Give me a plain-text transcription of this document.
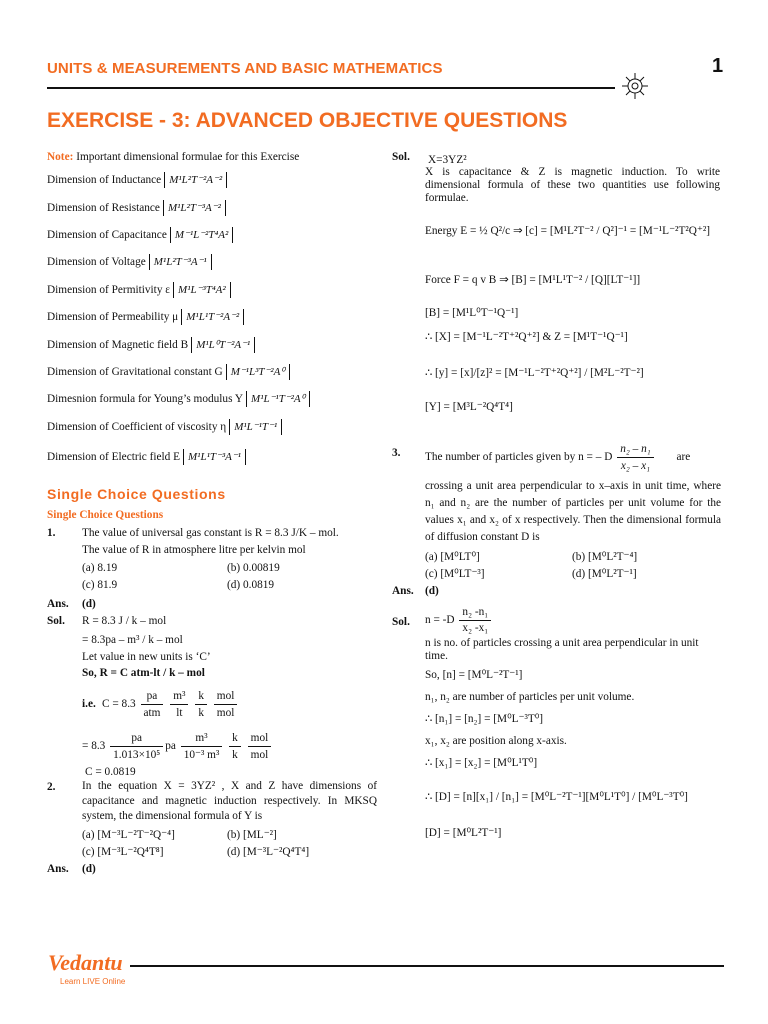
UNITS & MEASUREMENTS AND BASIC MATHEMATICS	1
EXERCISE - 3: ADVANCED OBJECTIVE QUESTIONS
Note: Important dimensional formulae for this Exercise
Dimension of Inductance M¹L²T⁻²A⁻²
Dimension of Resistance M¹L²T⁻³A⁻²
Dimension of Capacitance M⁻¹L⁻²T⁴A²
Dimension of Voltage M¹L²T⁻³A⁻¹
Dimension of Permitivity ε M¹L⁻³T⁴A²
Dimension of Permeability μ M¹L¹T⁻²A⁻²
Dimension of Magnetic field B M¹L⁰T⁻²A⁻¹
Dimension of Gravitational constant G M⁻¹L³T⁻²A⁰
Dimesnion formula for Young’s modulus Y M¹L⁻¹T⁻²A⁰
Dimension of Coefficient of viscosity η M¹L⁻¹T⁻¹
Dimension of Electric field E M¹L¹T⁻³A⁻¹
Single Choice Questions
Single Choice Questions
1. The value of universal gas constant is R = 8.3 J/K – mol.
The value of R in atmosphere litre per kelvin mol
(a) 8.19	(b) 0.00819
(c) 81.9	(d) 0.0819
Ans. (d)
Sol. R = 8.3 J / k – mol
= 8.3pa – m³ / k – mol
Let value in new units is ‘C’
So, R = C atm-lt / k – mol
i.e. $C = 8.3 \frac{pa}{\text{atm}}$
$\frac{\text{m³}}{lt}$
$\frac{k}{k}$
$\frac{\text{mol}}{\text{mol}}$
= $8.3 \frac{pa}{\text{1.013×10⁵}}$ pa $\frac{\text{m³}}{\text{10⁻³ m³}}$
$\frac{k}{k}$
$\frac{\text{mol}}{\text{mol}}$
C = 0.0819
2. In the equation X = 3YZ² , X and Z have dimensions of capacitance and magnetic induction respectively. In MKSQ system, the dimensional formula of Y is
(a) [M⁻³L⁻²T⁻²Q⁻⁴]	(b) [ML⁻²]
(c) [M⁻³L⁻²Q⁴T⁸]	(d) [M⁻³L⁻²Q⁴T⁴]
Ans. (d)
Sol. X=3YZ²
X is capacitance & Z is magnetic induction. To write dimensional formula of these two quantities use following formulae.
Energy E = ½ Q²/c ⇒ [c] = [M¹L²T⁻² / Q²]⁻¹ = [M⁻¹L⁻²T²Q⁺²]
Force F = q v B ⇒ [B] = [M¹L¹T⁻² / [Q][LT⁻¹]]
[B] = [M¹L⁰T⁻¹Q⁻¹]
∴ [X] = [M⁻¹L⁻²T⁺²Q⁺²] & Z = [M¹T⁻¹Q⁻¹]
∴ [y] = [x]/[z]² = [M⁻¹L⁻²T⁺²Q⁺²] / [M²L⁻²T⁻²]
[Y] = [M³L⁻²Q⁴T⁴]
3. The number of particles given by n = – D $\frac{\text{n₂ – n₁}}{\text{x₂ – x₁}}$ are
crossing a unit area perpendicular to x–axis in unit time, where n₁ and n₂ are the number of particles per unit volume for the values x₁ and x₂ of x respectively. Then the dimensional formula of diffusion constant D is
(a) [M⁰LT⁰]	(b) [M⁰L²T⁻⁴]
(c) [M⁰LT⁻³]	(d) [M⁰L²T⁻¹]
Ans. (d)
Sol. $n = -D \frac{\text{n₂ -n₁}}{\text{x₂ -x₁}}$
n is no. of particles crossing a unit area perpendicular in unit time.
So, [n] = [M⁰L⁻²T⁻¹]
n₁, n₂ are number of particles per unit volume.
∴ [n₁] = [n₂] = [M⁰L⁻³T⁰]
x₁, x₂ are position along x-axis.
∴ [x₁] = [x₂] = [M⁰L¹T⁰]
∴ [D] = [n][x₁] / [n₁] = [M⁰L⁻²T⁻¹][M⁰L¹T⁰] / [M⁰L⁻³T⁰]
[D] = [M⁰L²T⁻¹]
Vedantu
Learn LIVE Online
